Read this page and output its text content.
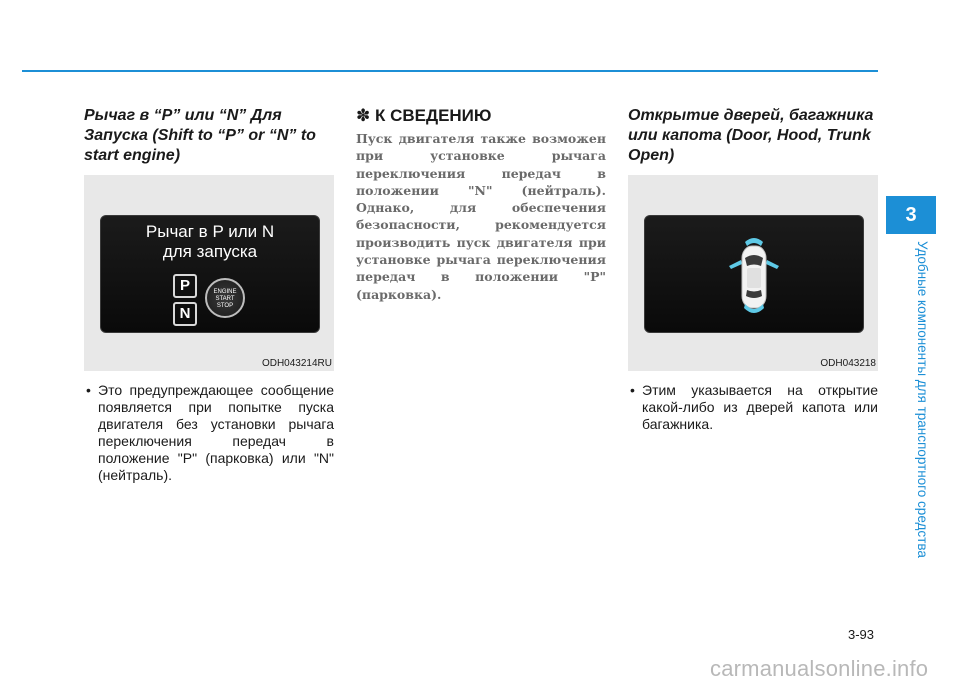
Рычаг в “P” или “N” Для Запуска (Shift to “P” or “N” to start engine)
Рычаг в P или N
для запуска
P
N
ENGINE
START
STOP
ODH043214RU

• Это предупреждающее сообщение появляется при попытке пуска двигателя без установки рычага переключения передач в положение "P" (парковка) или "N" (нейтраль).

✽ К СВЕДЕНИЮ

Пуск двигателя также возможен при установке рычага переключения передач в положении "N" (нейтраль). Однако, для обеспечения безопасности, рекомендуется производить пуск двигателя при установке рычага переключения передач в положении "P" (парковка).

Открытие дверей, багажника или капота (Door, Hood, Trunk Open)
ODH043218

• Этим указывается на открытие какой-либо из дверей капота или багажника.

3
Удобные компоненты для транспортного средства
3-93
carmanualsonline.info
